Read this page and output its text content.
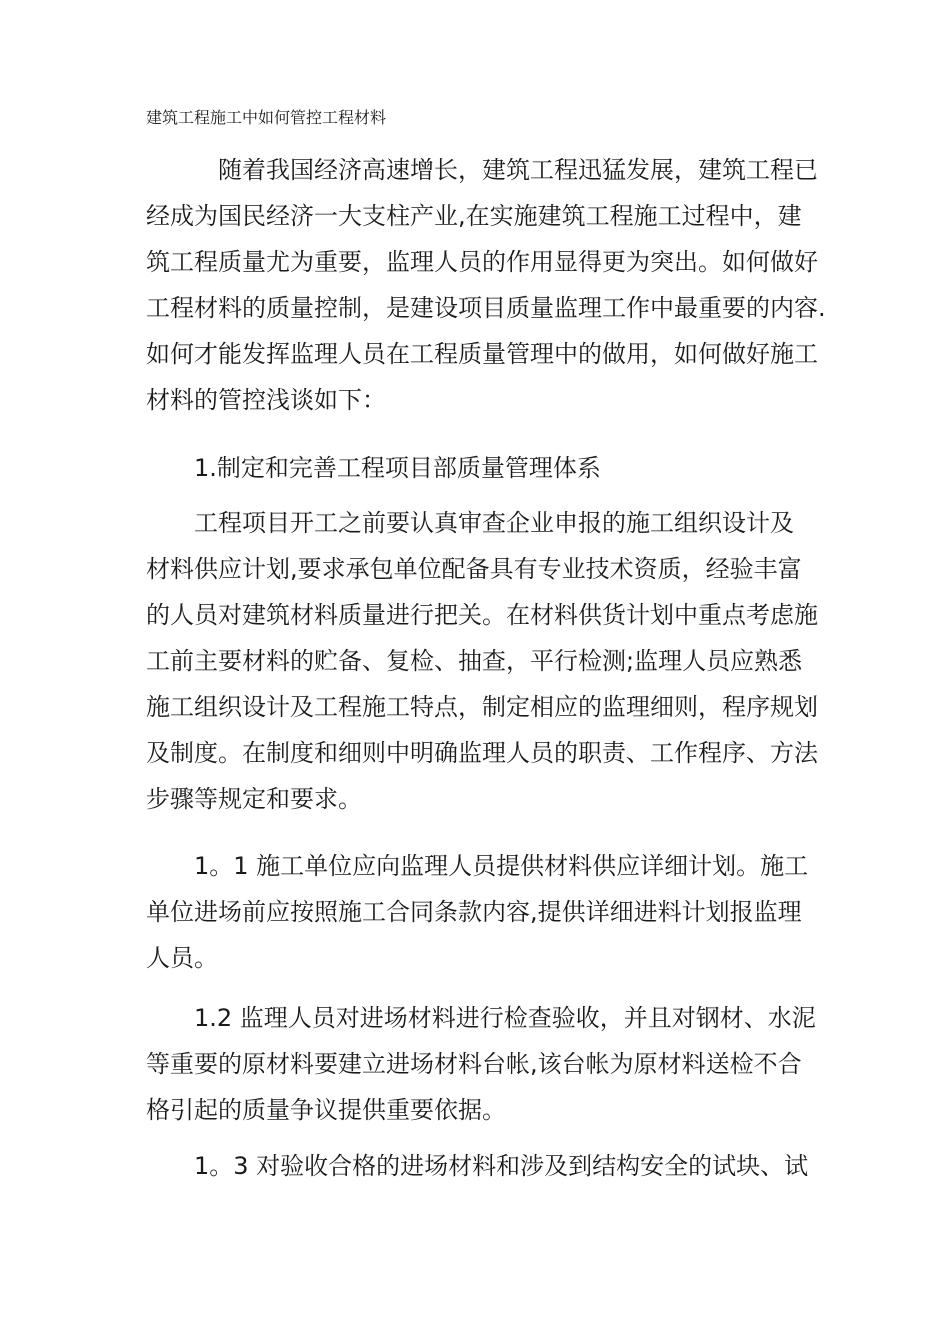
建筑工程施工中如何管控工程材料
随着我国经济高速增长，建筑工程迅猛发展，建筑工程已
经成为国民经济一大支柱产业,在实施建筑工程施工过程中，建
筑工程质量尤为重要，监理人员的作用显得更为突出。如何做好
工程材料的质量控制，是建设项目质量监理工作中最重要的内容.
如何才能发挥监理人员在工程质量管理中的做用，如何做好施工
材料的管控浅谈如下：
1.制定和完善工程项目部质量管理体系
工程项目开工之前要认真审查企业申报的施工组织设计及
材料供应计划,要求承包单位配备具有专业技术资质，经验丰富
的人员对建筑材料质量进行把关。在材料供货计划中重点考虑施
工前主要材料的贮备、复检、抽查，平行检测;监理人员应熟悉
施工组织设计及工程施工特点，制定相应的监理细则，程序规划
及制度。在制度和细则中明确监理人员的职责、工作程序、方法
步骤等规定和要求。
1。1 施工单位应向监理人员提供材料供应详细计划。施工
单位进场前应按照施工合同条款内容,提供详细进料计划报监理
人员。
1.2 监理人员对进场材料进行检查验收，并且对钢材、水泥
等重要的原材料要建立进场材料台帐,该台帐为原材料送检不合
格引起的质量争议提供重要依据。
1。3 对验收合格的进场材料和涉及到结构安全的试块、试
